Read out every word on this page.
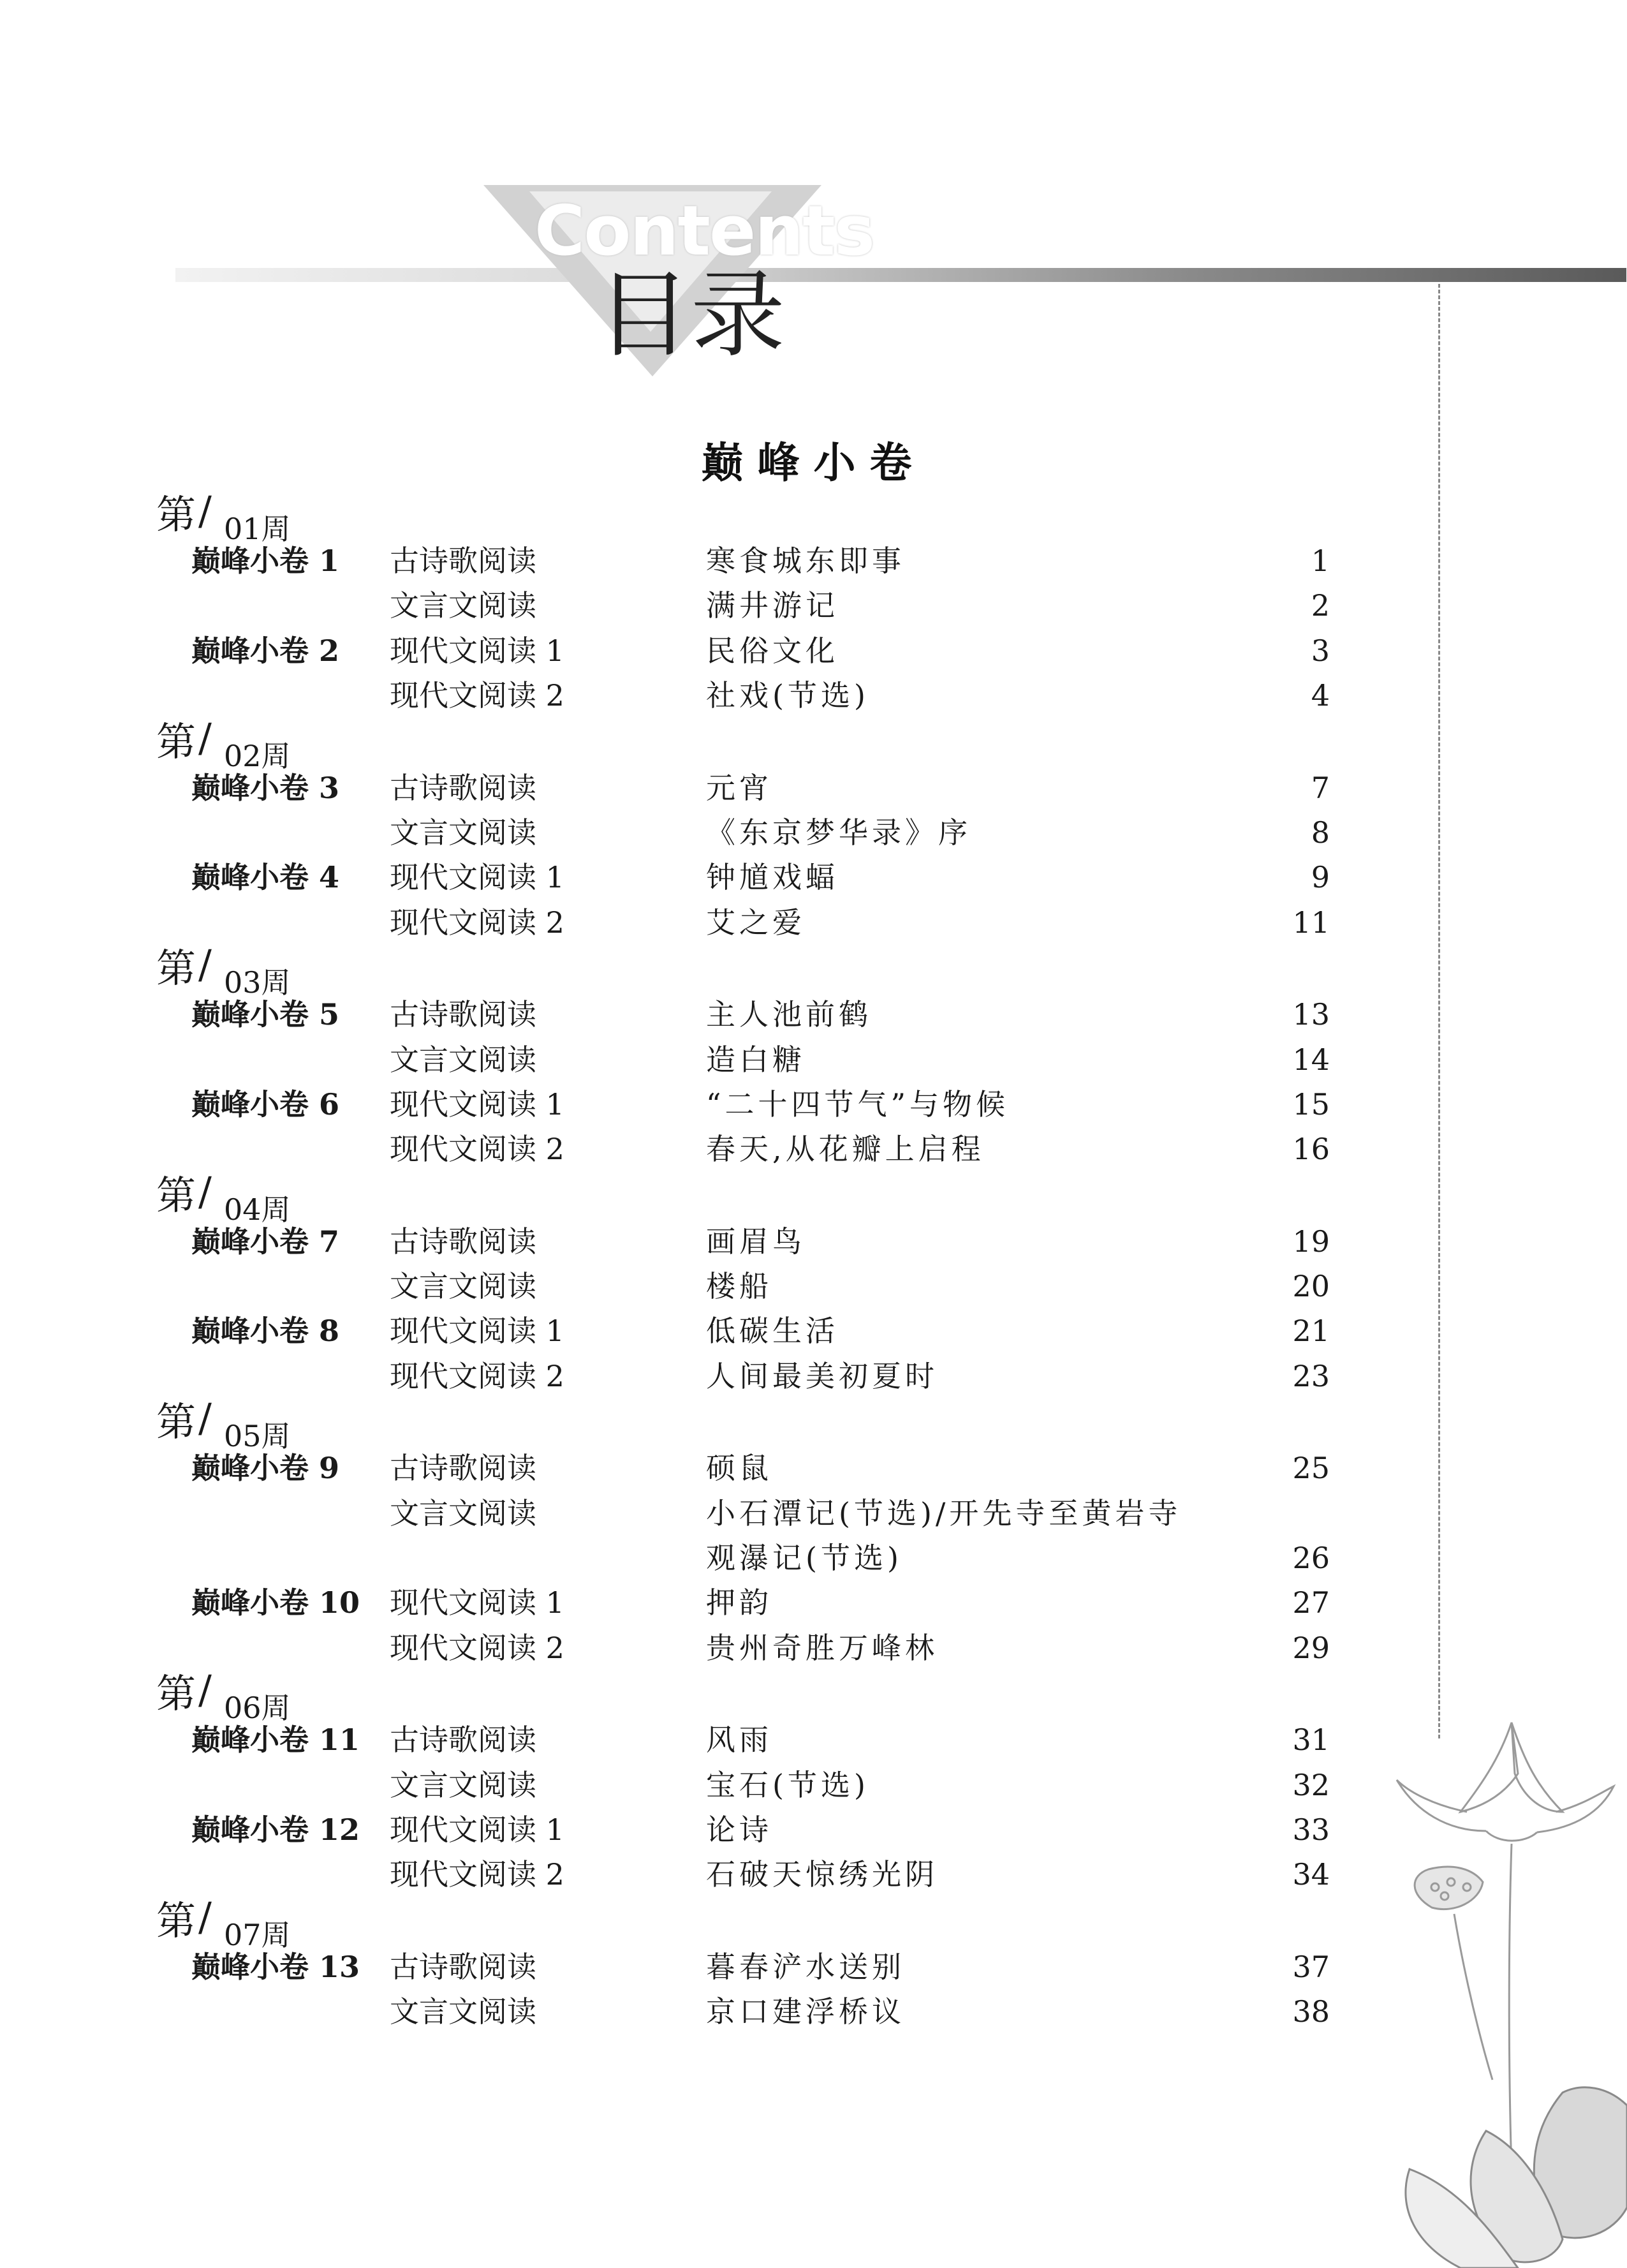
Contents
目录
巅峰小卷
第 / 01周
巅峰小卷 1 古诗歌阅读	寒食城东即事	1
文言文阅读	满井游记	2
巅峰小卷 2 现代文阅读 1	民俗文化	3
现代文阅读 2	社戏(节选)	4
第 / 02周
巅峰小卷 3 古诗歌阅读	元宵	7
文言文阅读	《东京梦华录》序	8
巅峰小卷 4 现代文阅读 1	钟馗戏蝠	9
现代文阅读 2	艾之爱	11
第 / 03周
巅峰小卷 5 古诗歌阅读	主人池前鹤	13
文言文阅读	造白糖	14
巅峰小卷 6 现代文阅读 1	“二十四节气”与物候	15
现代文阅读 2	春天,从花瓣上启程	16
第 / 04周
巅峰小卷 7 古诗歌阅读	画眉鸟	19
文言文阅读	楼船	20
巅峰小卷 8 现代文阅读 1	低碳生活	21
现代文阅读 2	人间最美初夏时	23
第 / 05周
巅峰小卷 9 古诗歌阅读	硕鼠	25
文言文阅读	小石潭记(节选)/开先寺至黄岩寺
观瀑记(节选)	26
巅峰小卷 10 现代文阅读 1	押韵	27
现代文阅读 2	贵州奇胜万峰林	29
第 / 06周
巅峰小卷 11 古诗歌阅读	风雨	31
文言文阅读	宝石(节选)	32
巅峰小卷 12 现代文阅读 1	论诗	33
现代文阅读 2	石破天惊绣光阴	34
第 / 07周
巅峰小卷 13 古诗歌阅读	暮春浐水送别	37
文言文阅读	京口建浮桥议	38
